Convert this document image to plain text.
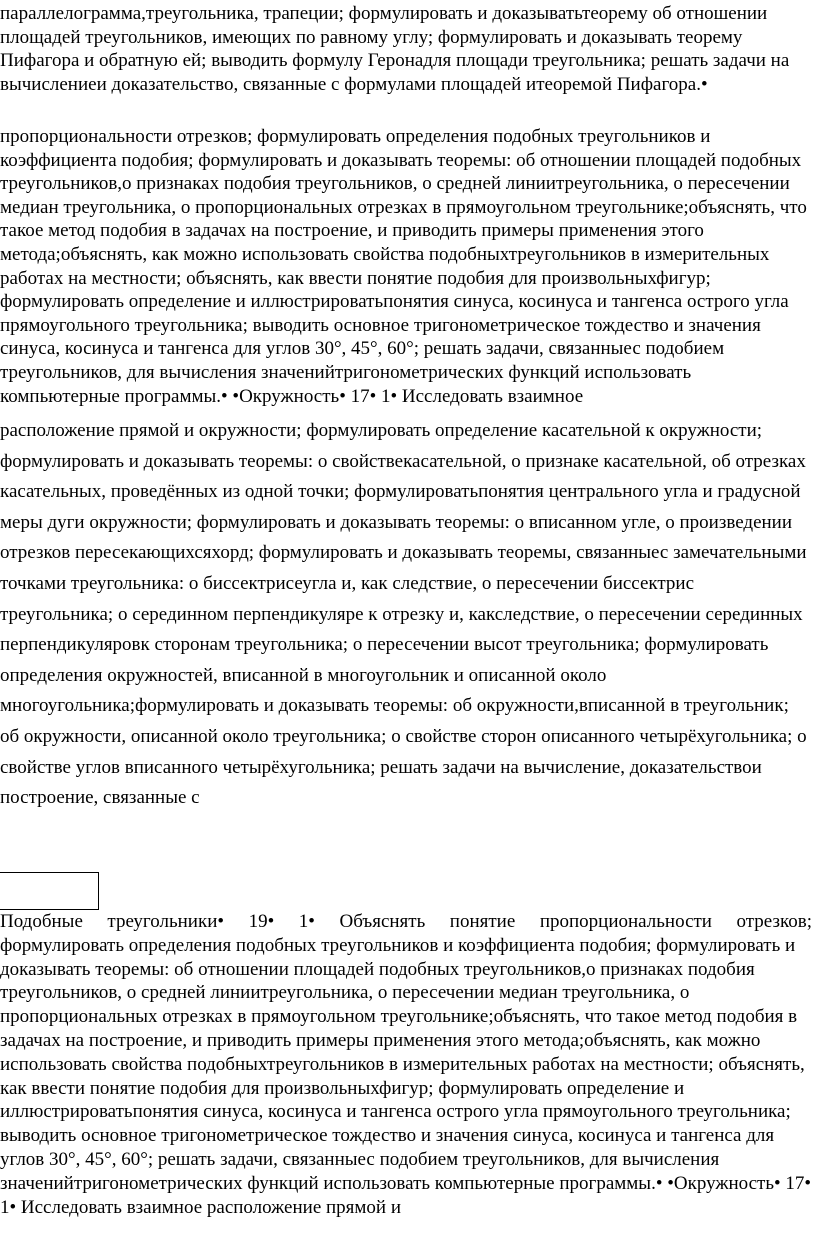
параллелограмма,треугольника, трапеции; формулировать и доказыватьтеорему об отношении площадей треугольников, имеющих по равному углу; формулировать и доказывать теорему Пифагора и обратную ей; выводить формулу Геронадля площади треугольника; решать задачи на вычислениеи доказательство, связанные с формулами площадей итеоремой Пифагора.•

пропорциональности отрезков; формулировать определения подобных треугольников и коэффициента подобия; формулировать и доказывать теоремы: об отношении площадей подобных треугольников,о признаках подобия треугольников, о средней линиитреугольника, о пересечении медиан треугольника, о пропорциональных отрезках в прямоугольном треугольнике;объяснять, что такое метод подобия в задачах на построение, и приводить примеры применения этого метода;объяснять, как можно использовать свойства подобныхтреугольников в измерительных работах на местности; объяснять, как ввести понятие подобия для произвольныхфигур; формулировать определение и иллюстрироватьпонятия синуса, косинуса и тангенса острого угла прямоугольного треугольника; выводить основное тригонометрическое тождество и значения синуса, косинуса и тангенса для углов 30°, 45°, 60°; решать задачи, связанныес подобием треугольников, для вычисления значенийтригонометрических функций использовать компьютерные программы.• •Окружность• 17• 1• Исследовать взаимное

расположение прямой и окружности; формулировать определение касательной к окружности; формулировать и доказывать теоремы: о свойствекасательной, о признаке касательной, об отрезках касательных, проведённых из одной точки; формулироватьпонятия центрального угла и градусной меры дуги окружности; формулировать и доказывать теоремы: о вписанном угле, о произведении отрезков пересекающихсяхорд; формулировать и доказывать теоремы, связанныес замечательными точками треугольника: о биссектрисеугла и, как следствие, о пересечении биссектрис треугольника; о серединном перпендикуляре к отрезку и, какследствие, о пересечении серединных перпендикуляровк сторонам треугольника; о пересечении высот треугольника; формулировать определения окружностей, вписанной в многоугольник и описанной около многоугольника;формулировать и доказывать теоремы: об окружности,вписанной в треугольник; об окружности, описанной около треугольника; о свойстве сторон описанного четырёхугольника; о свойстве углов вписанного четырёхугольника; решать задачи на вычисление, доказательствои построение, связанные с

Подобные треугольники• 19• 1• Объяснять понятие пропорциональности отрезков;
формулировать определения подобных треугольников и коэффициента подобия; формулировать и доказывать теоремы: об отношении площадей подобных треугольников,о признаках подобия треугольников, о средней линиитреугольника, о пересечении медиан треугольника, о пропорциональных отрезках в прямоугольном треугольнике;объяснять, что такое метод подобия в задачах на построение, и приводить примеры применения этого метода;объяснять, как можно использовать свойства подобныхтреугольников в измерительных работах на местности; объяснять, как ввести понятие подобия для произвольныхфигур; формулировать определение и иллюстрироватьпонятия синуса, косинуса и тангенса острого угла прямоугольного треугольника; выводить основное тригонометрическое тождество и значения синуса, косинуса и тангенса для углов 30°, 45°, 60°; решать задачи, связанныес подобием треугольников, для вычисления значенийтригонометрических функций использовать компьютерные программы.• •Окружность• 17• 1• Исследовать взаимное расположение прямой и
